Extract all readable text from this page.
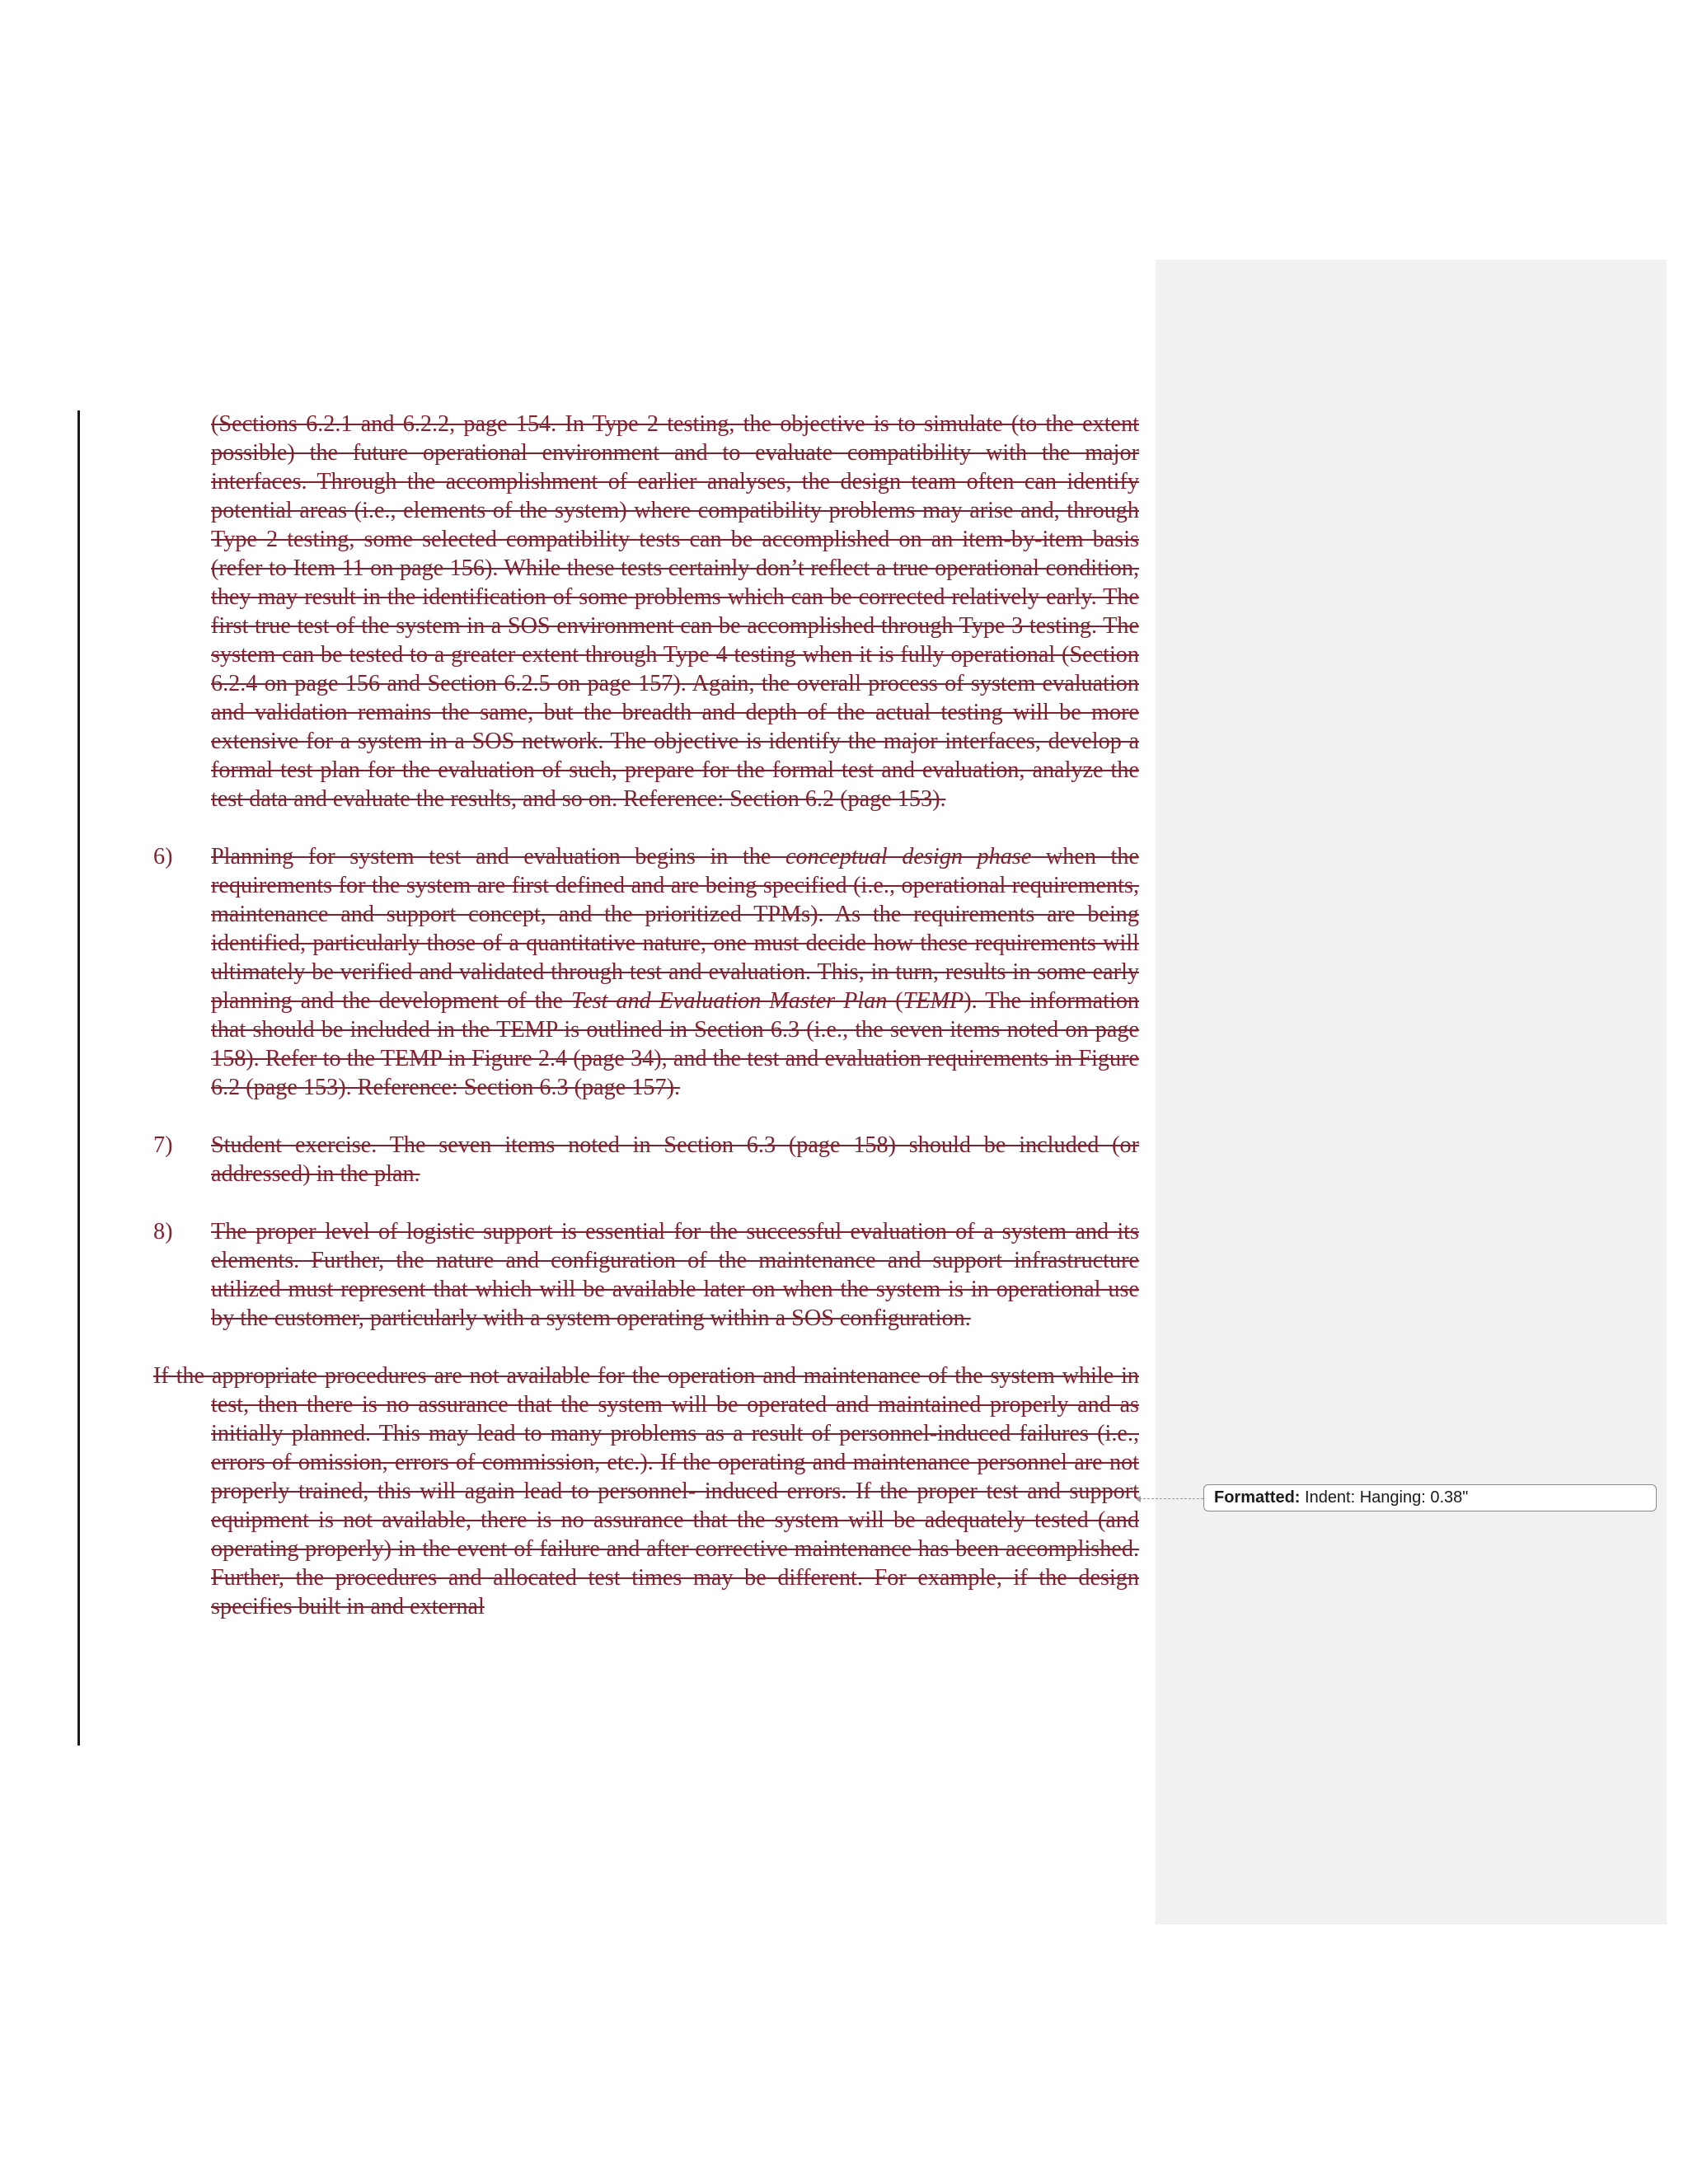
(Sections 6.2.1 and 6.2.2, page 154. In Type 2 testing, the objective is to simulate (to the extent possible) the future operational environment and to evaluate compatibility with the major interfaces. Through the accomplishment of earlier analyses, the design team often can identify potential areas (i.e., elements of the system) where compatibility problems may arise and, through Type 2 testing, some selected compatibility tests can be accomplished on an item-by-item basis (refer to Item 11 on page 156). While these tests certainly don’t reflect a true operational condition, they may result in the identification of some problems which can be corrected relatively early. The first true test of the system in a SOS environment can be accomplished through Type 3 testing. The system can be tested to a greater extent through Type 4 testing when it is fully operational (Section 6.2.4 on page 156 and Section 6.2.5 on page 157). Again, the overall process of system evaluation and validation remains the same, but the breadth and depth of the actual testing will be more extensive for a system in a SOS network. The objective is identify the major interfaces, develop a formal test plan for the evaluation of such, prepare for the formal test and evaluation, analyze the test data and evaluate the results, and so on. Reference: Section 6.2 (page 153).

6)	Planning for system test and evaluation begins in the conceptual design phase when the requirements for the system are first defined and are being specified (i.e., operational requirements, maintenance and support concept, and the prioritized TPMs). As the requirements are being identified, particularly those of a quantitative nature, one must decide how these requirements will ultimately be verified and validated through test and evaluation. This, in turn, results in some early planning and the development of the Test and Evaluation Master Plan (TEMP). The information that should be included in the TEMP is outlined in Section 6.3 (i.e., the seven items noted on page 158). Refer to the TEMP in Figure 2.4 (page 34), and the test and evaluation requirements in Figure 6.2 (page 153). Reference: Section 6.3 (page 157).
7)	Student exercise. The seven items noted in Section 6.3 (page 158) should be included (or addressed) in the plan.
8)	The proper level of logistic support is essential for the successful evaluation of a system and its elements. Further, the nature and configuration of the maintenance and support infrastructure utilized must represent that which will be available later on when the system is in operational use by the customer, particularly with a system operating within a SOS configuration.

If the appropriate procedures are not available for the operation and maintenance of the system while in test, then there is no assurance that the system will be operated and maintained properly and as initially planned. This may lead to many problems as a result of personnel-induced failures (i.e., errors of omission, errors of commission, etc.). If the operating and maintenance personnel are not properly trained, this will again lead to personnel- induced errors. If the proper test and support equipment is not available, there is no assurance that the system will be adequately tested (and operating properly) in the event of failure and after corrective maintenance has been accomplished. Further, the procedures and allocated test times may be different. For example, if the design specifies built in and external

Formatted: Indent: Hanging: 0.38"
